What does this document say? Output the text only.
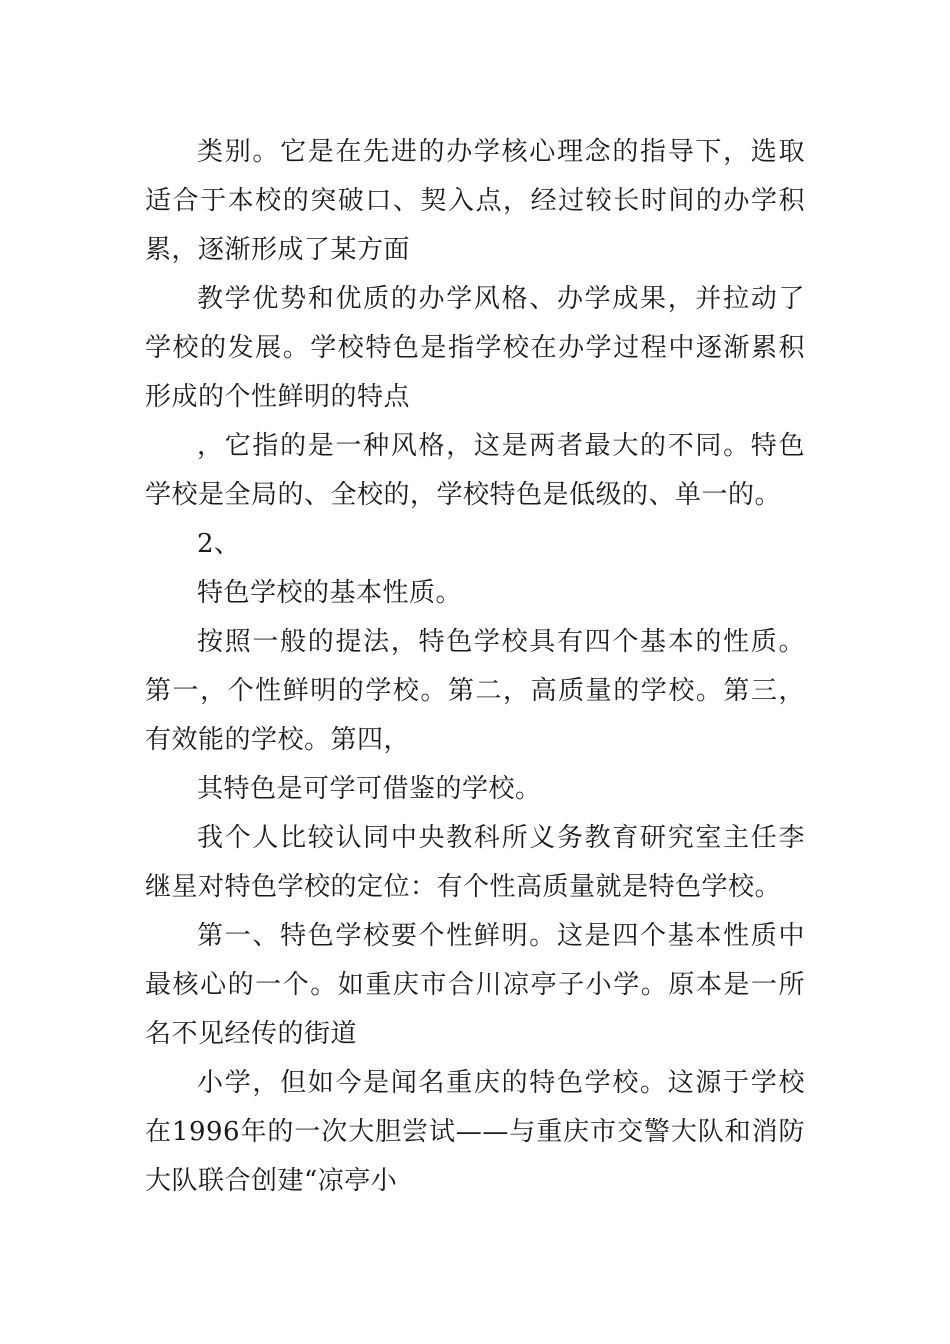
类别。它是在先进的办学核心理念的指导下，选取适合于本校的突破口、契入点，经过较长时间的办学积累，逐渐形成了某方面

教学优势和优质的办学风格、办学成果，并拉动了学校的发展。学校特色是指学校在办学过程中逐渐累积形成的个性鲜明的特点

，它指的是一种风格，这是两者最大的不同。特色学校是全局的、全校的，学校特色是低级的、单一的。

2、

特色学校的基本性质。

按照一般的提法，特色学校具有四个基本的性质。第一，个性鲜明的学校。第二，高质量的学校。第三，有效能的学校。第四，

其特色是可学可借鉴的学校。

我个人比较认同中央教科所义务教育研究室主任李继星对特色学校的定位：有个性高质量就是特色学校。

第一、特色学校要个性鲜明。这是四个基本性质中最核心的一个。如重庆市合川凉亭子小学。原本是一所名不见经传的街道

小学，但如今是闻名重庆的特色学校。这源于学校在1996年的一次大胆尝试——与重庆市交警大队和消防大队联合创建“凉亭小
